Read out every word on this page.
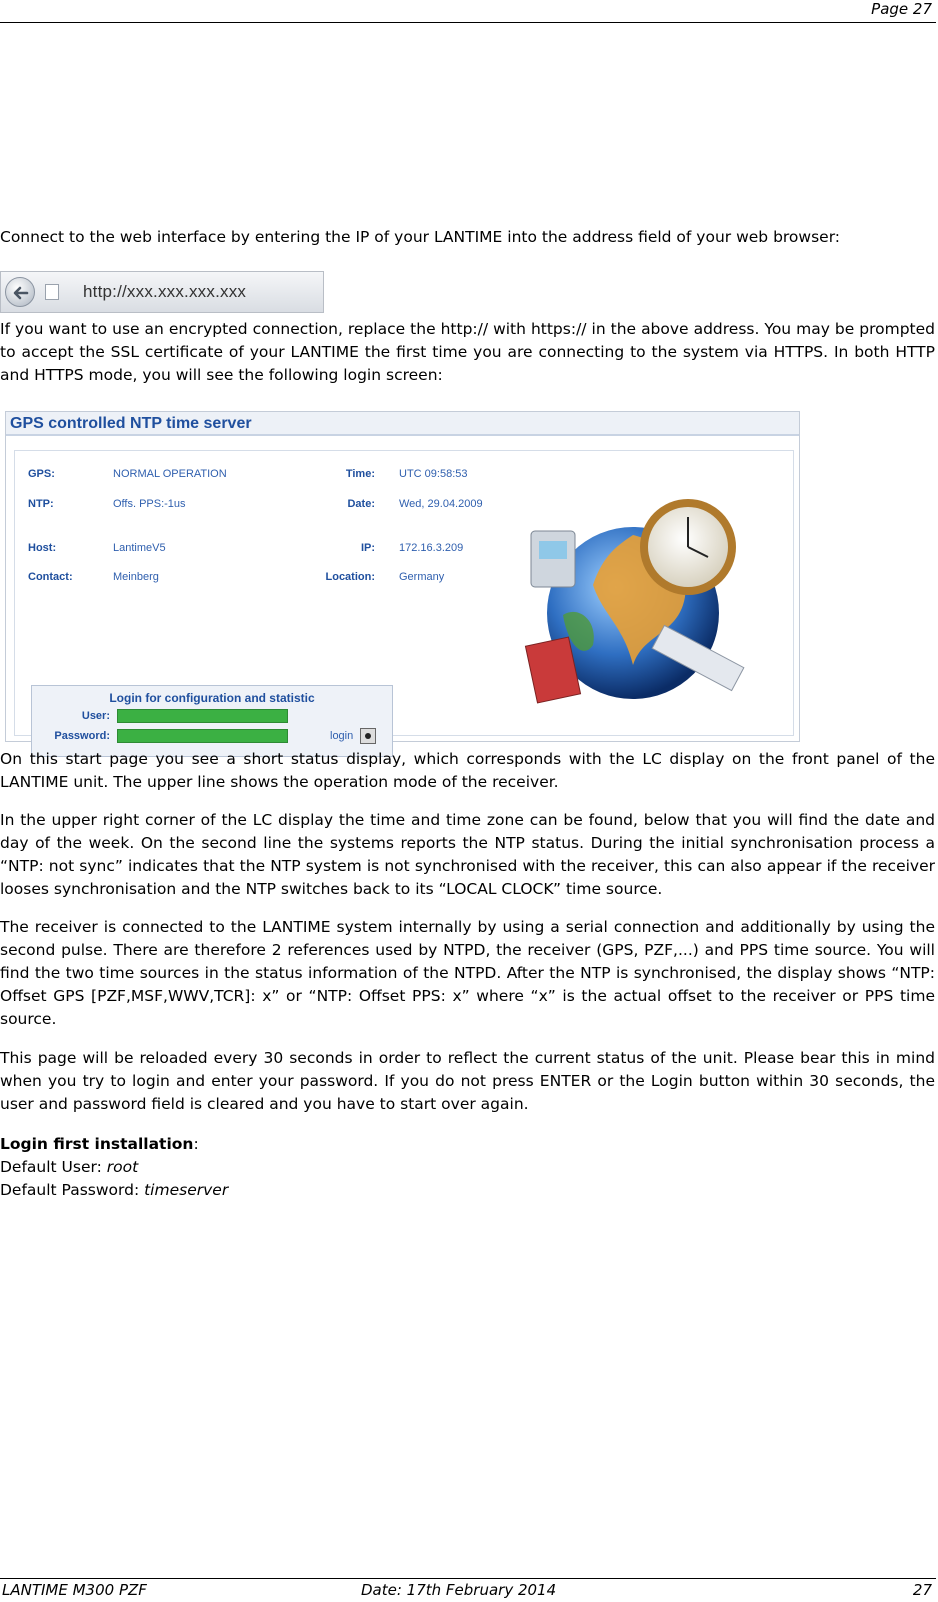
Page 27
Connect to the web interface by entering the IP of your LANTIME into the address field of your web browser:
http://xxx.xxx.xxx.xxx
If you want to use an encrypted connection, replace the http:// with https:// in the above address. You may be prompted to accept the SSL certificate of your LANTIME the first time you are connecting to the system via HTTPS. In both HTTP and HTTPS mode, you will see the following login screen:
GPS controlled NTP time server
GPS:	NORMAL OPERATION	Time: UTC 09:58:53
NTP:	Offs. PPS:-1us	Date: Wed, 29.04.2009
Host:	LantimeV5	IP: 172.16.3.209
Contact:	Meinberg	Location: Germany
Login for configuration and statistic
User:
Password:	login
On this start page you see a short status display, which corresponds with the LC display on the front panel of the LANTIME unit. The upper line shows the operation mode of the receiver.
In the upper right corner of the LC display the time and time zone can be found, below that you will find the date and day of the week. On the second line the systems reports the NTP status. During the initial synchronisation process a “NTP: not sync” indicates that the NTP system is not synchronised with the receiver, this can also appear if the receiver looses synchronisation and the NTP switches back to its “LOCAL CLOCK” time source.
The receiver is connected to the LANTIME system internally by using a serial connection and additionally by using the second pulse. There are therefore 2 references used by NTPD, the receiver (GPS, PZF,...) and PPS time source. You will find the two time sources in the status information of the NTPD. After the NTP is synchronised, the display shows “NTP: Offset GPS [PZF,MSF,WWV,TCR]: x” or “NTP: Offset PPS: x” where “x” is the actual offset to the receiver or PPS time source.
This page will be reloaded every 30 seconds in order to reflect the current status of the unit. Please bear this in mind when you try to login and enter your password. If you do not press ENTER or the Login button within 30 seconds, the user and password field is cleared and you have to start over again.
Login first installation:
Default User: root
Default Password: timeserver
LANTIME M300 PZF	Date: 17th February 2014	27
